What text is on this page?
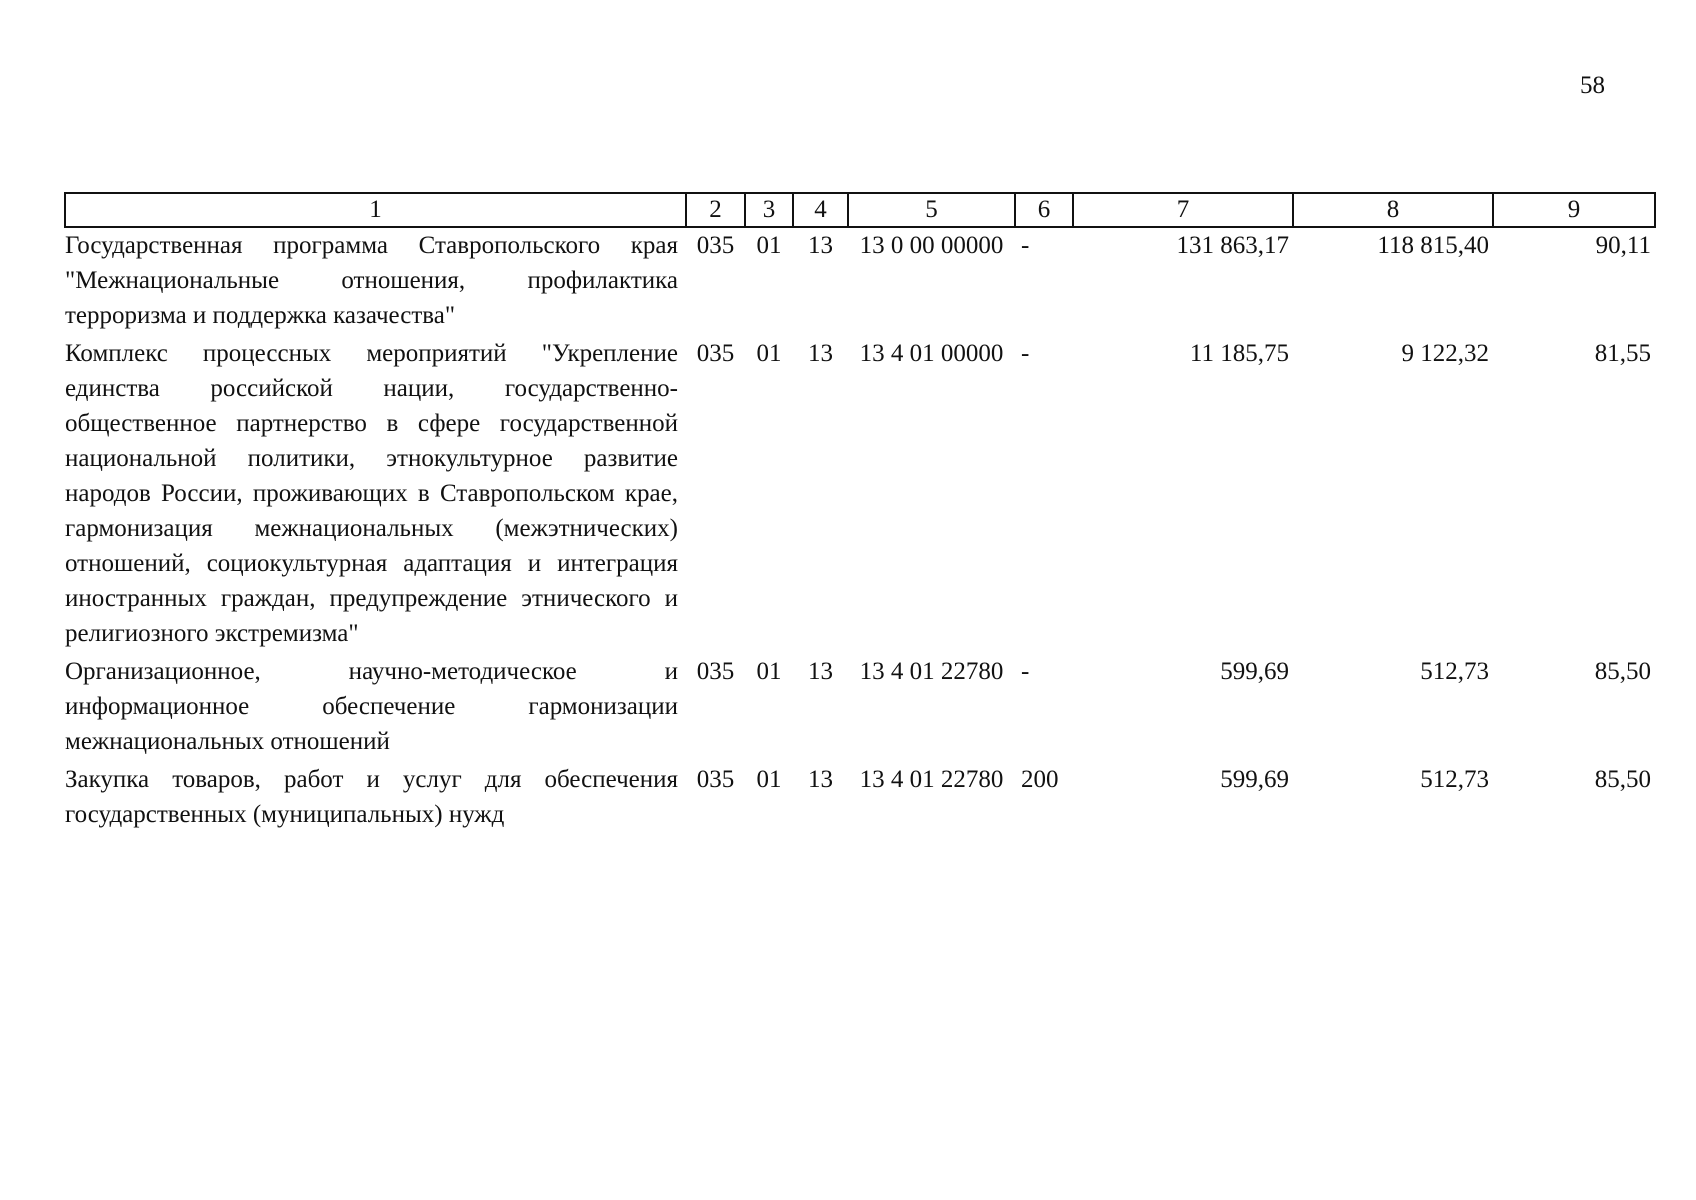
58
1	2	3	4	5	6	7	8	9
Государственная программа Ставропольского края "Межнациональные отношения, профилактика терроризма и поддержка казачества"	035	01	13	13 0 00 00000	-	131 863,17	118 815,40	90,11
Комплекс процессных мероприятий "Укрепление единства российской нации, государственно-общественное партнерство в сфере государственной национальной политики, этнокультурное развитие народов России, проживающих в Ставропольском крае, гармонизация межнациональных (межэтнических) отношений, социокультурная адаптация и интеграция иностранных граждан, предупреждение этнического и религиозного экстремизма"	035	01	13	13 4 01 00000	-	11 185,75	9 122,32	81,55
Организационное, научно-методическое и информационное обеспечение гармонизации межнациональных отношений	035	01	13	13 4 01 22780	-	599,69	512,73	85,50
Закупка товаров, работ и услуг для обеспечения государственных (муниципальных) нужд	035	01	13	13 4 01 22780	200	599,69	512,73	85,50
